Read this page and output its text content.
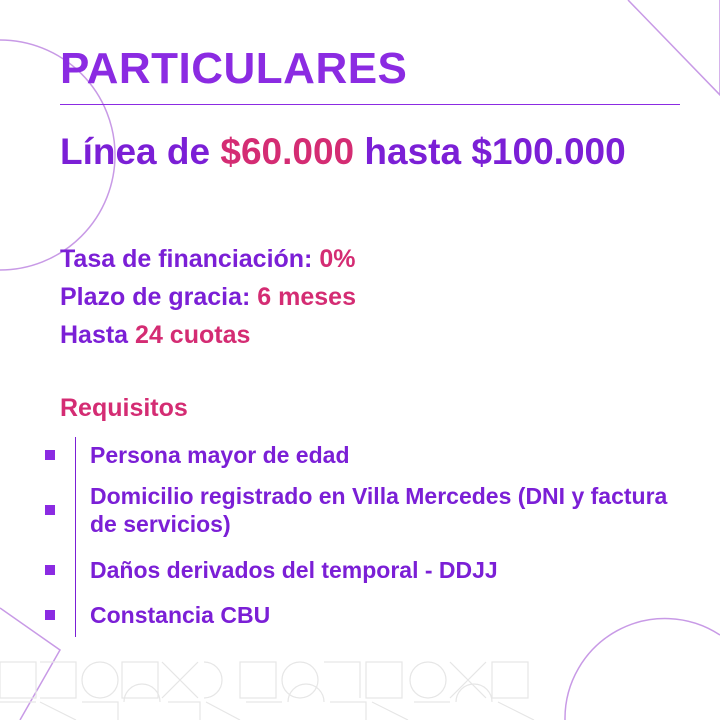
PARTICULARES
Línea de $60.000 hasta $100.000
Tasa de financiación: 0%
Plazo de gracia: 6 meses
Hasta 24 cuotas
Requisitos
Persona mayor de edad
Domicilio registrado en Villa Mercedes (DNI y factura de servicios)
Daños derivados del temporal - DDJJ
Constancia CBU
